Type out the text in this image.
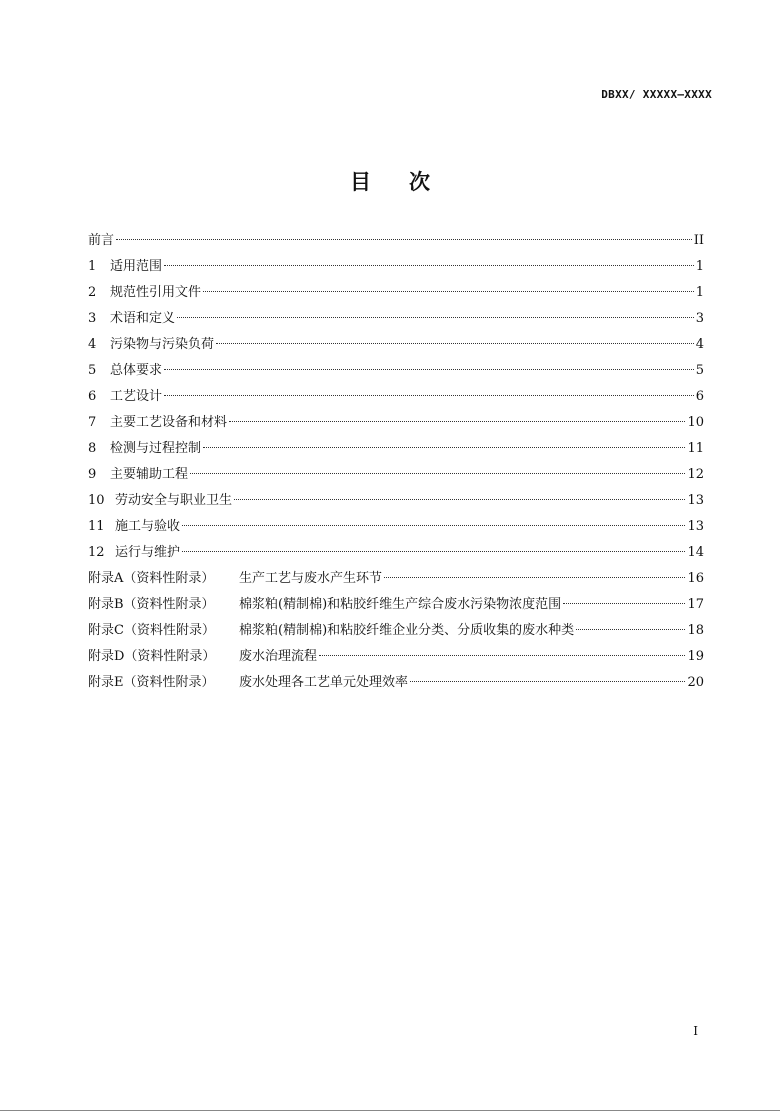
DBXX/ XXXXX—XXXX
目 次
前言	II
1 适用范围	1
2 规范性引用文件	1
3 术语和定义	3
4 污染物与污染负荷	4
5 总体要求	5
6 工艺设计	6
7 主要工艺设备和材料	10
8 检测与过程控制	11
9 主要辅助工程	12
10 劳动安全与职业卫生	13
11 施工与验收	13
12 运行与维护	14
附录A（资料性附录） 生产工艺与废水产生环节	16
附录B（资料性附录） 棉浆粕(精制棉)和粘胶纤维生产综合废水污染物浓度范围	17
附录C（资料性附录） 棉浆粕(精制棉)和粘胶纤维企业分类、分质收集的废水种类	18
附录D（资料性附录） 废水治理流程	19
附录E（资料性附录） 废水处理各工艺单元处理效率	20
I
